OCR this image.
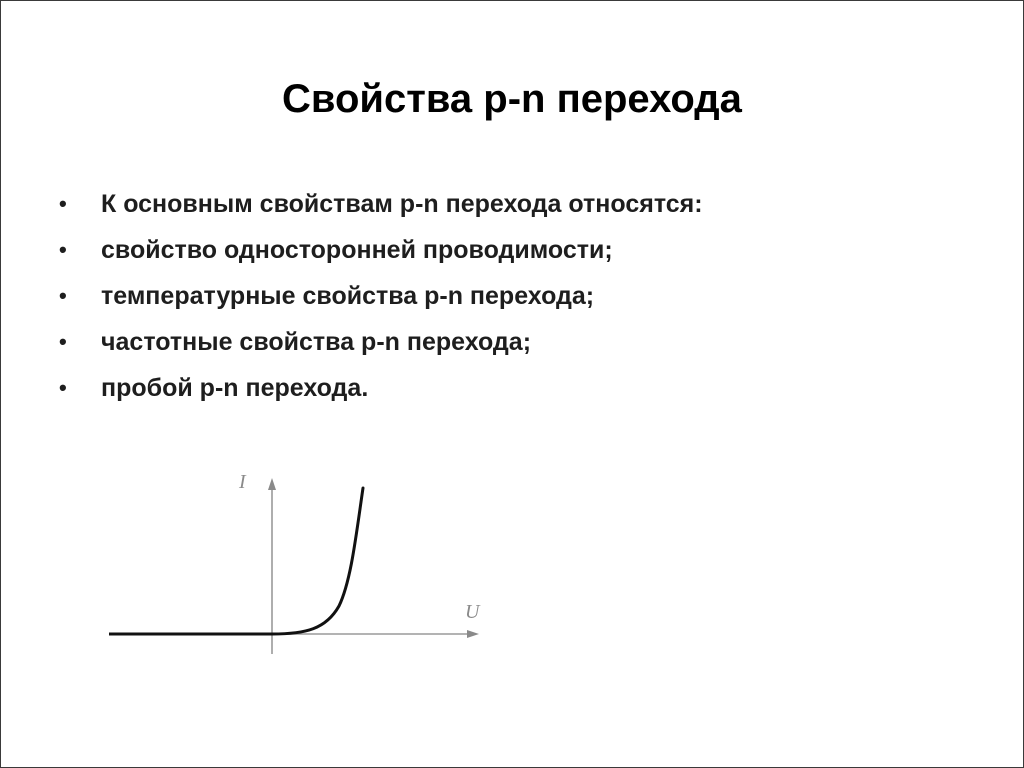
Свойства p-n перехода
•	К основным свойствам p-n перехода относятся:
•	свойство односторонней проводимости;
•	температурные свойства p-n перехода;
•	частотные свойства p-n перехода;
•	пробой p-n перехода.
I
U
